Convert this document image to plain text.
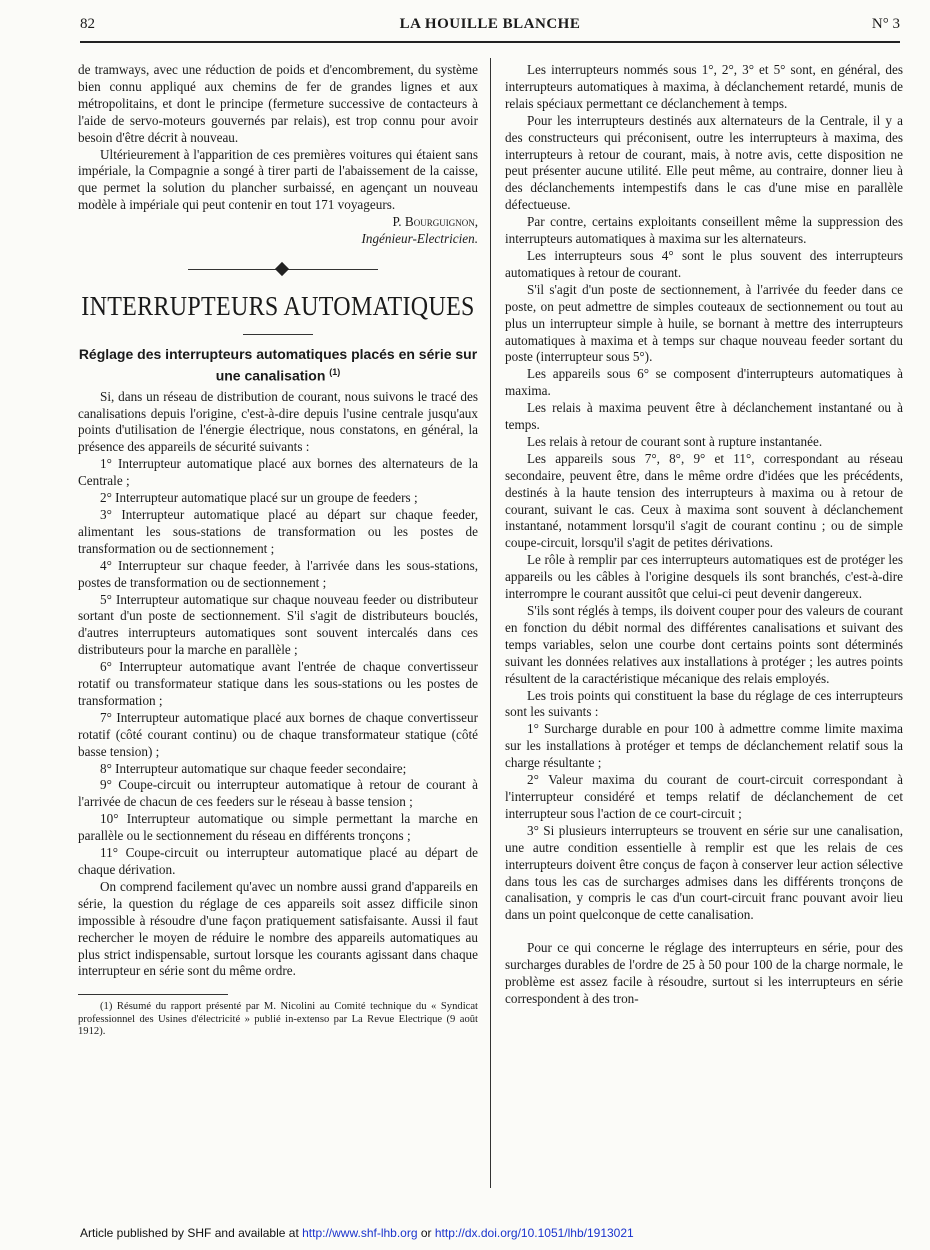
82	LA HOUILLE BLANCHE	N° 3

de tramways, avec une réduction de poids et d'encombrement, du système bien connu appliqué aux chemins de fer de grandes lignes et aux métropolitains, et dont le principe (fermeture successive de contacteurs à l'aide de servo-moteurs gouvernés par relais), est trop connu pour avoir besoin d'être décrit à nouveau.

Ultérieurement à l'apparition de ces premières voitures qui étaient sans impériale, la Compagnie a songé à tirer parti de l'abaissement de la caisse, que permet la solution du plancher surbaissé, en agençant un nouveau modèle à impériale qui peut contenir en tout 171 voyageurs.

P. Bourguignon,

Ingénieur-Electricien.

INTERRUPTEURS AUTOMATIQUES
Réglage des interrupteurs automatiques placés en série sur une canalisation $^{(1)}$

Si, dans un réseau de distribution de courant, nous suivons le tracé des canalisations depuis l'origine, c'est-à-dire depuis l'usine centrale jusqu'aux points d'utilisation de l'énergie électrique, nous constatons, en général, la présence des appareils de sécurité suivants :

1° Interrupteur automatique placé aux bornes des alternateurs de la Centrale ;

2° Interrupteur automatique placé sur un groupe de feeders ;

3° Interrupteur automatique placé au départ sur chaque feeder, alimentant les sous-stations de transformation ou les postes de transformation ou de sectionnement ;

4° Interrupteur sur chaque feeder, à l'arrivée dans les sous-stations, postes de transformation ou de sectionnement ;

5° Interrupteur automatique sur chaque nouveau feeder ou distributeur sortant d'un poste de sectionnement. S'il s'agit de distributeurs bouclés, d'autres interrupteurs automatiques sont souvent intercalés dans ces distributeurs pour la marche en parallèle ;

6° Interrupteur automatique avant l'entrée de chaque convertisseur rotatif ou transformateur statique dans les sous-stations ou les postes de transformation ;

7° Interrupteur automatique placé aux bornes de chaque convertisseur rotatif (côté courant continu) ou de chaque transformateur statique (côté basse tension) ;

8° Interrupteur automatique sur chaque feeder secondaire;

9° Coupe-circuit ou interrupteur automatique à retour de courant à l'arrivée de chacun de ces feeders sur le réseau à basse tension ;

10° Interrupteur automatique ou simple permettant la marche en parallèle ou le sectionnement du réseau en différents tronçons ;

11° Coupe-circuit ou interrupteur automatique placé au départ de chaque dérivation.

On comprend facilement qu'avec un nombre aussi grand d'appareils en série, la question du réglage de ces appareils soit assez difficile sinon impossible à résoudre d'une façon pratiquement satisfaisante. Aussi il faut rechercher le moyen de réduire le nombre des appareils automatiques au plus strict indispensable, surtout lorsque les courants agissant dans chaque interrupteur en série sont du même ordre.

(1) Résumé du rapport présenté par M. Nicolini au Comité technique du « Syndicat professionnel des Usines d'électricité » publié in-extenso par La Revue Electrique (9 août 1912).

Les interrupteurs nommés sous 1°, 2°, 3° et 5° sont, en général, des interrupteurs automatiques à maxima, à déclanchement retardé, munis de relais spéciaux permettant ce déclanchement à temps.

Pour les interrupteurs destinés aux alternateurs de la Centrale, il y a des constructeurs qui préconisent, outre les interrupteurs à maxima, des interrupteurs à retour de courant, mais, à notre avis, cette disposition ne peut présenter aucune utilité. Elle peut même, au contraire, donner lieu à des déclanchements intempestifs dans le cas d'une mise en parallèle défectueuse.

Par contre, certains exploitants conseillent même la suppression des interrupteurs automatiques à maxima sur les alternateurs.

Les interrupteurs sous 4° sont le plus souvent des interrupteurs automatiques à retour de courant.

S'il s'agit d'un poste de sectionnement, à l'arrivée du feeder dans ce poste, on peut admettre de simples couteaux de sectionnement ou tout au plus un interrupteur simple à huile, se bornant à mettre des interrupteurs automatiques à maxima et à temps sur chaque nouveau feeder sortant du poste (interrupteur sous 5°).

Les appareils sous 6° se composent d'interrupteurs automatiques à maxima.

Les relais à maxima peuvent être à déclanchement instantané ou à temps.

Les relais à retour de courant sont à rupture instantanée.

Les appareils sous 7°, 8°, 9° et 11°, correspondant au réseau secondaire, peuvent être, dans le même ordre d'idées que les précédents, destinés à la haute tension des interrupteurs à maxima ou à retour de courant, suivant le cas. Ceux à maxima sont souvent à déclanchement instantané, notamment lorsqu'il s'agit de courant continu ; ou de simple coupe-circuit, lorsqu'il s'agit de petites dérivations.

Le rôle à remplir par ces interrupteurs automatiques est de protéger les appareils ou les câbles à l'origine desquels ils sont branchés, c'est-à-dire interrompre le courant aussitôt que celui-ci peut devenir dangereux.

S'ils sont réglés à temps, ils doivent couper pour des valeurs de courant en fonction du débit normal des différentes canalisations et suivant des temps variables, selon une courbe dont certains points sont déterminés suivant les données relatives aux installations à protéger ; les autres points résultent de la caractéristique mécanique des relais employés.

Les trois points qui constituent la base du réglage de ces interrupteurs sont les suivants :

1° Surcharge durable en pour 100 à admettre comme limite maxima sur les installations à protéger et temps de déclanchement relatif sous la charge résultante ;

2° Valeur maxima du courant de court-circuit correspondant à l'interrupteur considéré et temps relatif de déclanchement de cet interrupteur sous l'action de ce court-circuit ;

3° Si plusieurs interrupteurs se trouvent en série sur une canalisation, une autre condition essentielle à remplir est que les relais de ces interrupteurs doivent être conçus de façon à conserver leur action sélective dans tous les cas de surcharges admises dans les différents tronçons de canalisation, y compris le cas d'un court-circuit franc pouvant avoir lieu dans un point quelconque de cette canalisation.

Pour ce qui concerne le réglage des interrupteurs en série, pour des surcharges durables de l'ordre de 25 à 50 pour 100 de la charge normale, le problème est assez facile à résoudre, surtout si les interrupteurs en série correspondent à des tron-

Article published by SHF and available at http://www.shf-lhb.org or http://dx.doi.org/10.1051/lhb/1913021
